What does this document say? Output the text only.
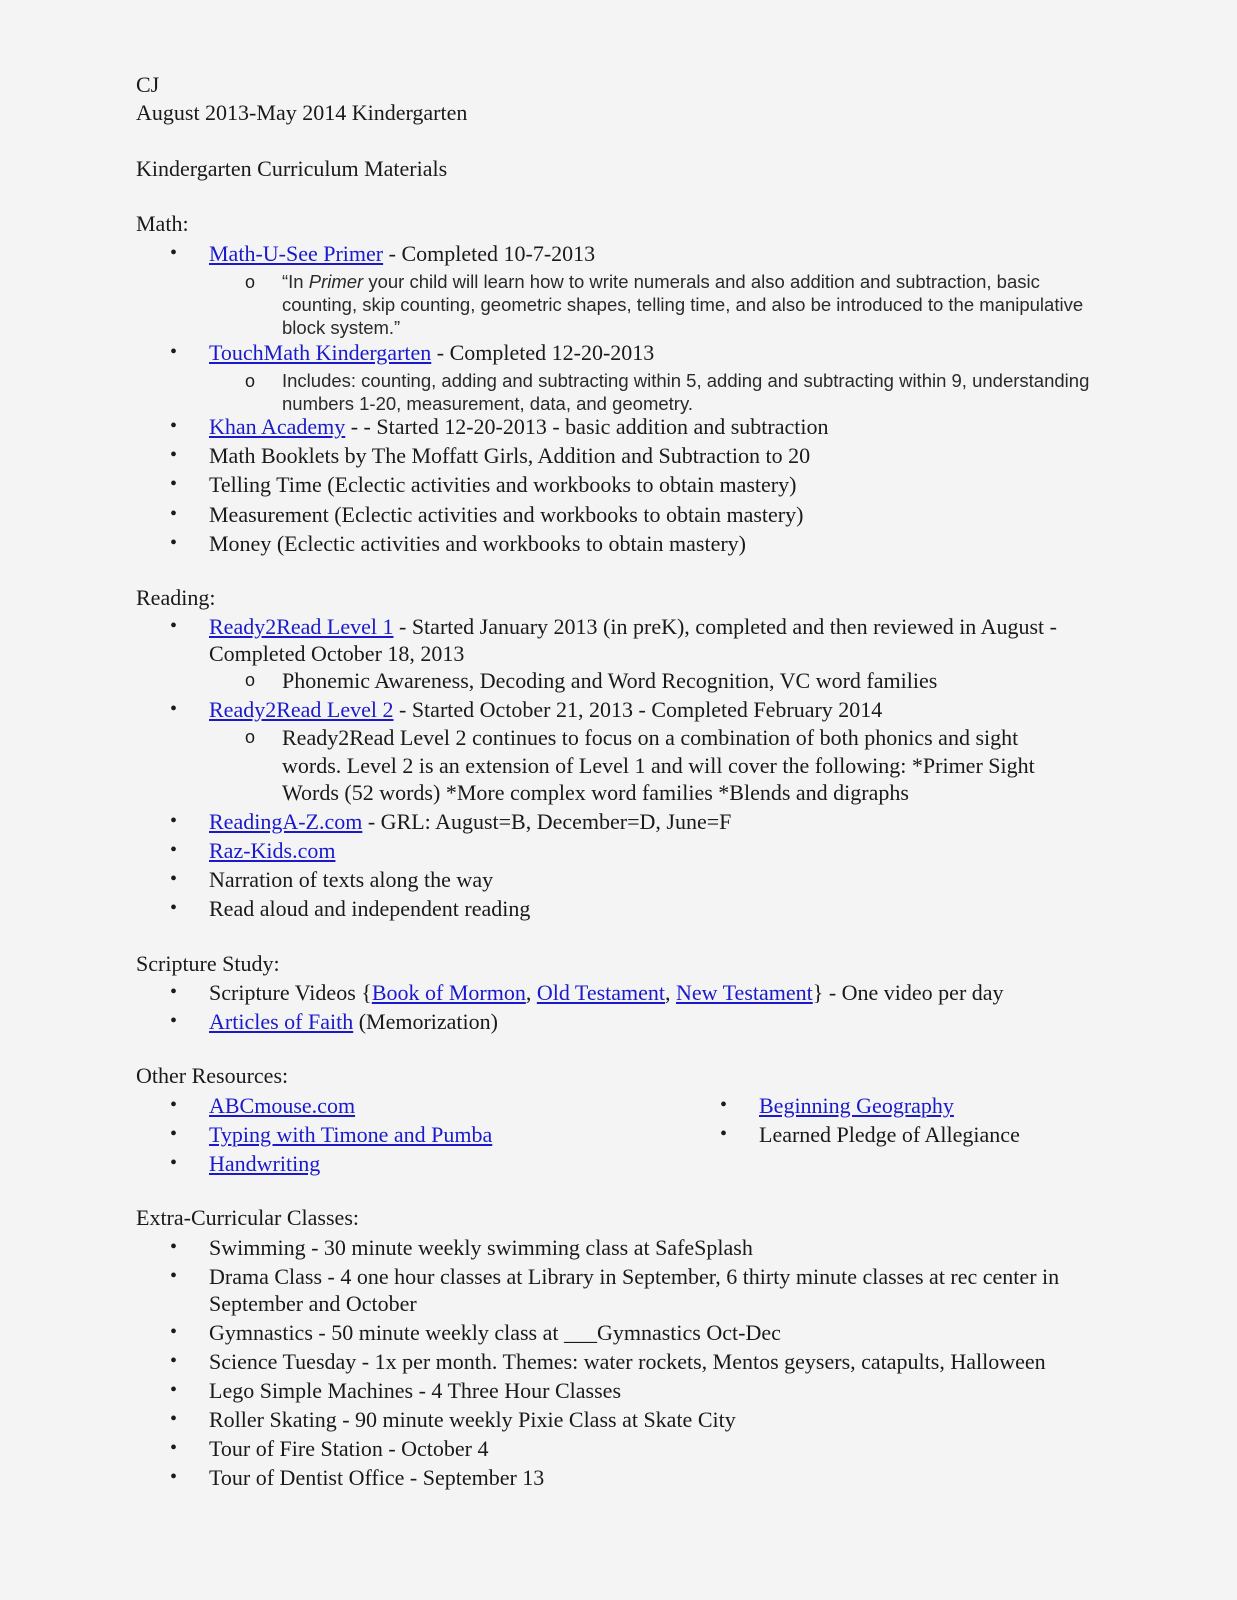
CJ
August 2013-May 2014 Kindergarten
Kindergarten Curriculum Materials
Math:
• Math-U-See Primer - Completed 10-7-2013
o “In Primer your child will learn how to write numerals and also addition and subtraction, basic
counting, skip counting, geometric shapes, telling time, and also be introduced to the manipulative
block system.”
• TouchMath Kindergarten - Completed 12-20-2013
o Includes: counting, adding and subtracting within 5, adding and subtracting within 9, understanding
numbers 1-20, measurement, data, and geometry.
• Khan Academy - - Started 12-20-2013 - basic addition and subtraction
• Math Booklets by The Moffatt Girls, Addition and Subtraction to 20
• Telling Time (Eclectic activities and workbooks to obtain mastery)
• Measurement (Eclectic activities and workbooks to obtain mastery)
• Money (Eclectic activities and workbooks to obtain mastery)
Reading:
• Ready2Read Level 1 - Started January 2013 (in preK), completed and then reviewed in August -
Completed October 18, 2013
o Phonemic Awareness, Decoding and Word Recognition, VC word families
• Ready2Read Level 2 - Started October 21, 2013 - Completed February 2014
o Ready2Read Level 2 continues to focus on a combination of both phonics and sight
words. Level 2 is an extension of Level 1 and will cover the following: *Primer Sight
Words (52 words) *More complex word families *Blends and digraphs
• ReadingA-Z.com - GRL: August=B, December=D, June=F
• Raz-Kids.com
• Narration of texts along the way
• Read aloud and independent reading
Scripture Study:
• Scripture Videos {Book of Mormon, Old Testament, New Testament} - One video per day
• Articles of Faith (Memorization)
Other Resources:
• ABCmouse.com
• Typing with Timone and Pumba
• Handwriting
• Beginning Geography
• Learned Pledge of Allegiance
Extra-Curricular Classes:
• Swimming - 30 minute weekly swimming class at SafeSplash
• Drama Class - 4 one hour classes at Library in September, 6 thirty minute classes at rec center in
September and October
• Gymnastics - 50 minute weekly class at ___Gymnastics Oct-Dec
• Science Tuesday - 1x per month. Themes: water rockets, Mentos geysers, catapults, Halloween
• Lego Simple Machines - 4 Three Hour Classes
• Roller Skating - 90 minute weekly Pixie Class at Skate City
• Tour of Fire Station - October 4
• Tour of Dentist Office - September 13
